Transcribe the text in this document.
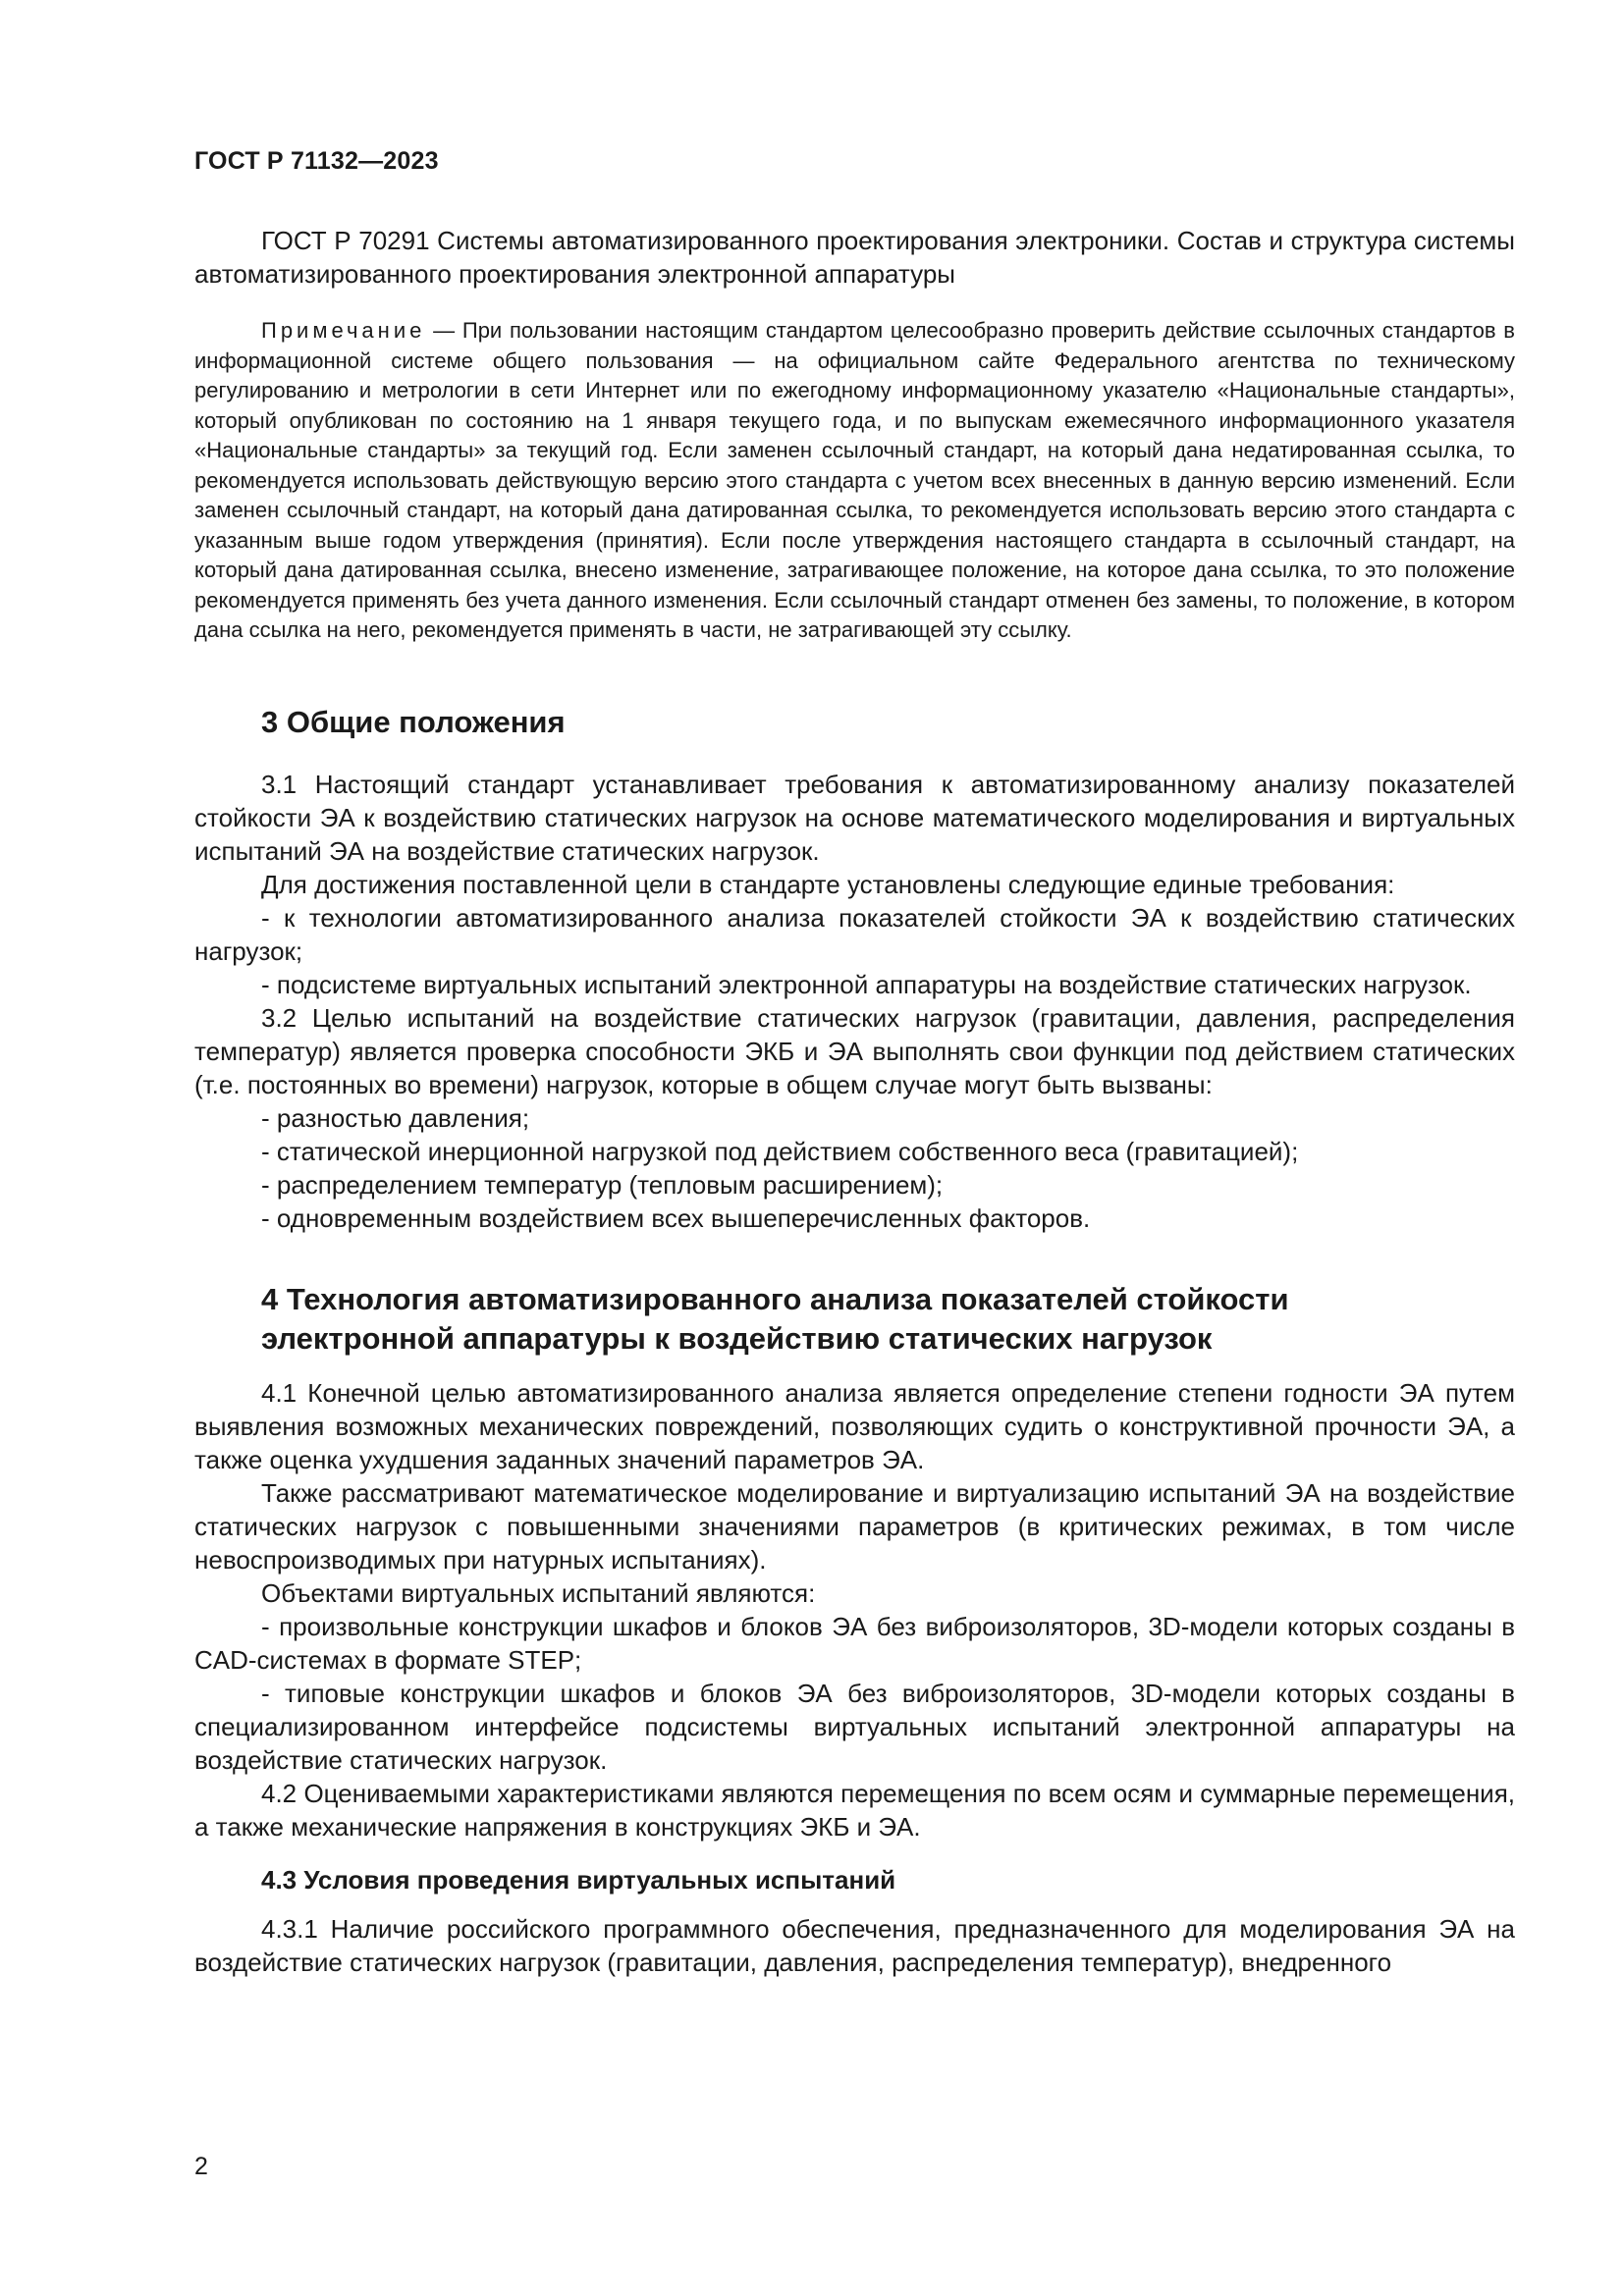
ГОСТ Р 71132—2023

ГОСТ Р 70291 Системы автоматизированного проектирования электроники. Состав и структура системы автоматизированного проектирования электронной аппаратуры

Примечание — При пользовании настоящим стандартом целесообразно проверить действие ссылочных стандартов в информационной системе общего пользования — на официальном сайте Федерального агентства по техническому регулированию и метрологии в сети Интернет или по ежегодному информационному указателю «Национальные стандарты», который опубликован по состоянию на 1 января текущего года, и по выпускам ежемесячного информационного указателя «Национальные стандарты» за текущий год. Если заменен ссылочный стандарт, на который дана недатированная ссылка, то рекомендуется использовать действующую версию этого стандарта с учетом всех внесенных в данную версию изменений. Если заменен ссылочный стандарт, на который дана датированная ссылка, то рекомендуется использовать версию этого стандарта с указанным выше годом утверждения (принятия). Если после утверждения настоящего стандарта в ссылочный стандарт, на который дана датированная ссылка, внесено изменение, затрагивающее положение, на которое дана ссылка, то это положение рекомендуется применять без учета данного изменения. Если ссылочный стандарт отменен без замены, то положение, в котором дана ссылка на него, рекомендуется применять в части, не затрагивающей эту ссылку.
3 Общие положения

3.1 Настоящий стандарт устанавливает требования к автоматизированному анализу показателей стойкости ЭА к воздействию статических нагрузок на основе математического моделирования и виртуальных испытаний ЭА на воздействие статических нагрузок.

Для достижения поставленной цели в стандарте установлены следующие единые требования:

- к технологии автоматизированного анализа показателей стойкости ЭА к воздействию статических нагрузок;

- подсистеме виртуальных испытаний электронной аппаратуры на воздействие статических нагрузок.

3.2 Целью испытаний на воздействие статических нагрузок (гравитации, давления, распределения температур) является проверка способности ЭКБ и ЭА выполнять свои функции под действием статических (т.е. постоянных во времени) нагрузок, которые в общем случае могут быть вызваны:

- разностью давления;

- статической инерционной нагрузкой под действием собственного веса (гравитацией);

- распределением температур (тепловым расширением);

- одновременным воздействием всех вышеперечисленных факторов.

4 Технология автоматизированного анализа показателей стойкости
электронной аппаратуры к воздействию статических нагрузок

4.1 Конечной целью автоматизированного анализа является определение степени годности ЭА путем выявления возможных механических повреждений, позволяющих судить о конструктивной прочности ЭА, а также оценка ухудшения заданных значений параметров ЭА.

Также рассматривают математическое моделирование и виртуализацию испытаний ЭА на воздействие статических нагрузок с повышенными значениями параметров (в критических режимах, в том числе невоспроизводимых при натурных испытаниях).

Объектами виртуальных испытаний являются:

- произвольные конструкции шкафов и блоков ЭА без виброизоляторов, 3D-модели которых созданы в CAD-системах в формате STEP;

- типовые конструкции шкафов и блоков ЭА без виброизоляторов, 3D-модели которых созданы в специализированном интерфейсе подсистемы виртуальных испытаний электронной аппаратуры на воздействие статических нагрузок.

4.2 Оцениваемыми характеристиками являются перемещения по всем осям и суммарные перемещения, а также механические напряжения в конструкциях ЭКБ и ЭА.

4.3 Условия проведения виртуальных испытаний

4.3.1 Наличие российского программного обеспечения, предназначенного для моделирования ЭА на воздействие статических нагрузок (гравитации, давления, распределения температур), внедренного

2
